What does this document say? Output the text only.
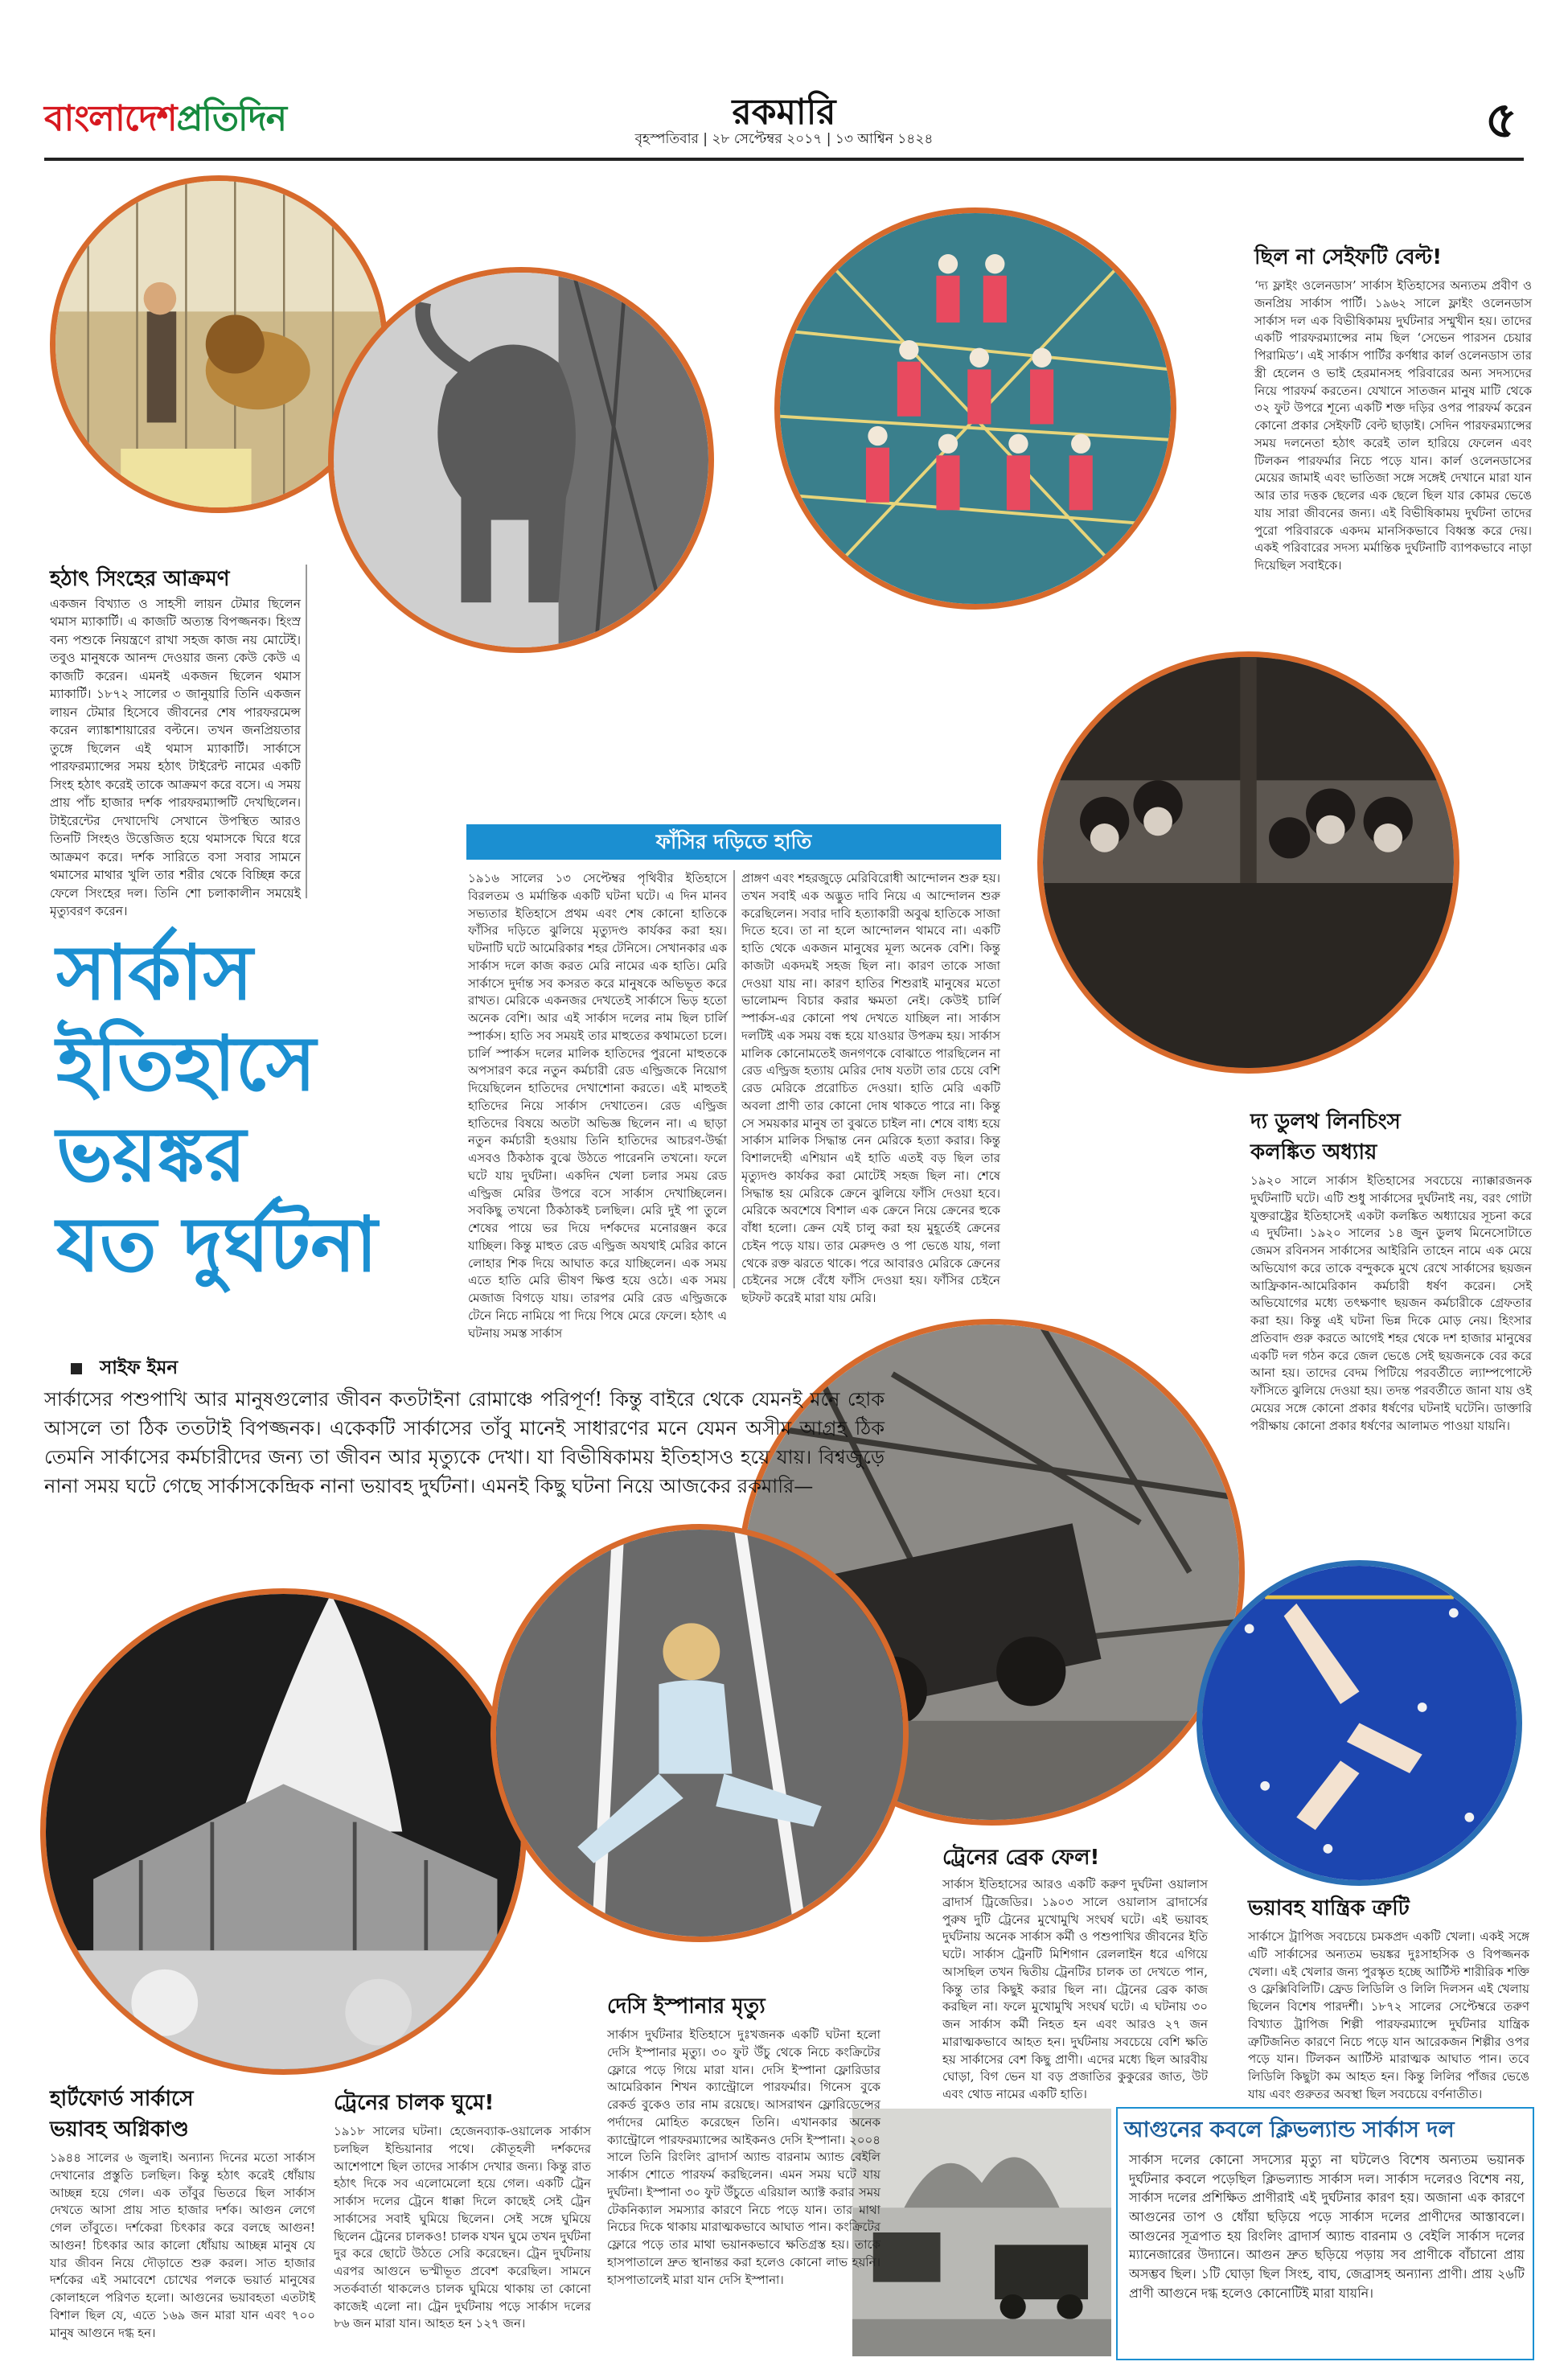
বাংলাদেশপ্রতিদিন	রকমারি
বৃহস্পতিবার | ২৮ সেপ্টেম্বর ২০১৭ | ১৩ আশ্বিন ১৪২৪	৫
হঠাৎ সিংহের আক্রমণ
একজন বিখ্যাত ও সাহসী লায়ন টেমার ছিলেন থমাস ম্যাকার্টি। এ কাজটি অত্যন্ত বিপজ্জনক। হিংস্র বন্য পশুকে নিয়ন্ত্রণে রাখা সহজ কাজ নয় মোটেই। তবুও মানুষকে আনন্দ দেওয়ার জন্য কেউ কেউ এ কাজটি করেন। এমনই একজন ছিলেন থমাস ম্যাকার্টি। ১৮৭২ সালের ৩ জানুয়ারি তিনি একজন লায়ন টেমার হিসেবে জীবনের শেষ পারফরমেন্স করেন ল্যাঙ্কাশায়ারের বল্টনে। তখন জনপ্রিয়তার তুঙ্গে ছিলেন এই থমাস ম্যাকার্টি। সার্কাসে পারফরম্যান্সের সময় হঠাৎ টাইরেন্ট নামের একটি সিংহ হঠাৎ করেই তাকে আক্রমণ করে বসে। এ সময় প্রায় পাঁচ হাজার দর্শক পারফরম্যান্সটি দেখছিলেন। টাইরেন্টের দেখাদেখি সেখানে উপস্থিত আরও তিনটি সিংহও উত্তেজিত হয়ে থমাসকে ঘিরে ধরে আক্রমণ করে। দর্শক সারিতে বসা সবার সামনে থমাসের মাথার খুলি তার শরীর থেকে বিচ্ছিন্ন করে ফেলে সিংহের দল। তিনি শো চলাকালীন সময়েই মৃত্যুবরণ করেন।
ছিল না সেইফটি বেল্ট!
‘দ্য ফ্লাইং ওলেনডাস’ সার্কাস ইতিহাসের অন্যতম প্রবীণ ও জনপ্রিয় সার্কাস পার্টি। ১৯৬২ সালে ফ্লাইং ওলেনডাস সার্কাস দল এক বিভীষিকাময় দুর্ঘটনার সম্মুখীন হয়। তাদের একটি পারফরম্যান্সের নাম ছিল ‘সেভেন পারসন চেয়ার পিরামিড’। এই সার্কাস পার্টির কর্ণধার কার্ল ওলেনডাস তার স্ত্রী হেলেন ও ভাই হেরমানসহ পরিবারের অন্য সদস্যদের নিয়ে পারফর্ম করতেন। যেখানে সাতজন মানুষ মাটি থেকে ৩২ ফুট উপরে শূন্যে একটি শক্ত দড়ির ওপর পারফর্ম করেন কোনো প্রকার সেইফটি বেল্ট ছাড়াই। সেদিন পারফরম্যান্সের সময় দলনেতা হঠাৎ করেই তাল হারিয়ে ফেলেন এবং টিলকন পারফর্মার নিচে পড়ে যান। কার্ল ওলেনডাসের মেয়ের জামাই এবং ভাতিজা সঙ্গে সঙ্গেই দেখানে মারা যান আর তার দত্তক ছেলের এক ছেলে ছিল যার কোমর ভেঙে যায় সারা জীবনের জন্য। এই বিভীষিকাময় দুর্ঘটনা তাদের পুরো পরিবারকে একদম মানসিকভাবে বিধ্বস্ত করে দেয়। একই পরিবারের সদস্য মর্মান্তিক দুর্ঘটনাটি ব্যাপকভাবে নাড়া দিয়েছিল সবাইকে।
সার্কাস
ইতিহাসে
ভয়ঙ্কর
যত দুর্ঘটনা
ফাঁসির দড়িতে হাতি
১৯১৬ সালের ১৩ সেপ্টেম্বর পৃথিবীর ইতিহাসে বিরলতম ও মর্মান্তিক একটি ঘটনা ঘটে। এ দিন মানব সভ্যতার ইতিহাসে প্রথম এবং শেষ কোনো হাতিকে ফাঁসির দড়িতে ঝুলিয়ে মৃত্যুদণ্ড কার্যকর করা হয়। ঘটনাটি ঘটে আমেরিকার শহর টেনিসে। সেখানকার এক সার্কাস দলে কাজ করত মেরি নামের এক হাতি। মেরি সার্কাসে দুর্দান্ত সব কসরত করে মানুষকে অভিভূত করে রাখত। মেরিকে একনজর দেখতেই সার্কাসে ভিড় হতো অনেক বেশি। আর এই সার্কাস দলের নাম ছিল চার্লি স্পার্কস। হাতি সব সময়ই তার মাহুতের কথামতো চলে। চার্লি স্পার্কস দলের মালিক হাতিদের পুরনো মাহুতকে অপসারণ করে নতুন কর্মচারী রেড এল্ড্রিজকে নিয়োগ দিয়েছিলেন হাতিদের দেখাশোনা করতে। এই মাহুতই হাতিদের নিয়ে সার্কাস দেখাতেন। রেড এল্ড্রিজ হাতিদের বিষয়ে অতটা অভিজ্ঞ ছিলেন না। এ ছাড়া নতুন কর্মচারী হওয়ায় তিনি হাতিদের আচরণ-উৰ্দ্ধা এসবও ঠিকঠাক বুঝে উঠতে পারেননি তখনো। ফলে ঘটে যায় দুর্ঘটনা। একদিন খেলা চলার সময় রেড এল্ড্রিজ মেরির উপরে বসে সার্কাস দেখাচ্ছিলেন। সবকিছু তখনো ঠিকঠাকই চলছিল। মেরি দুই পা তুলে শেষের পায়ে ভর দিয়ে দর্শকদের মনোরঞ্জন করে যাচ্ছিল। কিন্তু মাহুত রেড এল্ড্রিজ অযথাই মেরির কানে লোহার শিক দিয়ে আঘাত করে যাচ্ছিলেন। এক সময় এতে হাতি মেরি ভীষণ ক্ষিপ্ত হয়ে ওঠে। এক সময় মেজাজ বিগড়ে যায়। তারপর মেরি রেড এল্ড্রিজকে টেনে নিচে নামিয়ে পা দিয়ে পিষে মেরে ফেলে। হঠাৎ এ ঘটনায় সমস্ত সার্কাস
প্রাঙ্গণ এবং শহরজুড়ে মেরিবিরোধী আন্দোলন শুরু হয়। তখন সবাই এক অদ্ভুত দাবি নিয়ে এ আন্দোলন শুরু করেছিলেন। সবার দাবি হত্যাকারী অবুঝ হাতিকে সাজা দিতে হবে। তা না হলে আন্দোলন থামবে না। একটি হাতি থেকে একজন মানুষের মূল্য অনেক বেশি। কিন্তু কাজটা একদমই সহজ ছিল না। কারণ তাকে সাজা দেওয়া যায় না। কারণ হাতির শিশুরাই মানুষের মতো ভালোমন্দ বিচার করার ক্ষমতা নেই। কেউই চার্লি স্পার্কস-এর কোনো পথ দেখতে যাচ্ছিল না। সার্কাস দলটিই এক সময় বন্ধ হয়ে যাওয়ার উপক্রম হয়। সার্কাস মালিক কোনোমতেই জনগণকে বোঝাতে পারছিলেন না রেড এল্ড্রিজ হত্যায় মেরির দোষ যতটা তার চেয়ে বেশি রেড মেরিকে প্ররোচিত দেওয়া। হাতি মেরি একটি অবলা প্রাণী তার কোনো দোষ থাকতে পারে না। কিন্তু সে সময়কার মানুষ তা বুঝতে চাইল না। শেষে বাধ্য হয়ে সার্কাস মালিক সিদ্ধান্ত নেন মেরিকে হত্যা করার। কিন্তু বিশালদেহী এশিয়ান এই হাতি এতই বড় ছিল তার মৃত্যুদণ্ড কার্যকর করা মোটেই সহজ ছিল না। শেষে সিদ্ধান্ত হয় মেরিকে ক্রেনে ঝুলিয়ে ফাঁসি দেওয়া হবে। মেরিকে অবশেষে বিশাল এক ক্রেনে নিয়ে ক্রেনের হুকে বাঁধা হলো। ক্রেন যেই চালু করা হয় মুহূর্তেই ক্রেনের চেইন পড়ে যায়। তার মেরুদণ্ড ও পা ভেঙে যায়, গলা থেকে রক্ত ঝরতে থাকে। পরে আবারও মেরিকে ক্রেনের চেইনের সঙ্গে বেঁধে ফাঁসি দেওয়া হয়। ফাঁসির চেইনে ছটফট করেই মারা যায় মেরি।
দ্য ডুলথ লিনচিংস
কলঙ্কিত অধ্যায়
১৯২০ সালে সার্কাস ইতিহাসের সবচেয়ে ন্যাক্কারজনক দুর্ঘটনাটি ঘটে। এটি শুধু সার্কাসের দুর্ঘটনাই নয়, বরং গোটা যুক্তরাষ্ট্রের ইতিহাসেই একটা কলঙ্কিত অধ্যায়ের সূচনা করে এ দুর্ঘটনা। ১৯২০ সালের ১৪ জুন ডুলথ মিনেসোটাতে জেমস রবিনসন সার্কাসের আইরিনি তাহেন নামে এক মেয়ে অভিযোগ করে তাকে বন্দুককে মুখে রেখে সার্কাসের ছয়জন আফ্রিকান-আমেরিকান কর্মচারী ধর্ষণ করেন। সেই অভিযোগের মধ্যে তৎক্ষণাৎ ছয়জন কর্মচারীকে গ্রেফতার করা হয়। কিন্তু এই ঘটনা ভিন্ন দিকে মোড় নেয়। হিংসার প্রতিবাদ গুরু করতে আগেই শহর থেকে দশ হাজার মানুষের একটি দল গঠন করে জেল ভেঙে সেই ছয়জনকে বের করে আনা হয়। তাদের বেদম পিটিয়ে পরবর্তীতে ল্যাম্পপোস্টে ফাঁসিতে ঝুলিয়ে দেওয়া হয়। তদন্ত পরবর্তীতে জানা যায় ওই মেয়ের সঙ্গে কোনো প্রকার ধর্ষণের ঘটনাই ঘটেনি। ডাক্তারি পরীক্ষায় কোনো প্রকার ধর্ষণের আলামত পাওয়া যায়নি।
সাইফ ইমন
সার্কাসের পশুপাখি আর মানুষগুলোর জীবন কতটাইনা রোমাঞ্চে পরিপূর্ণ! কিন্তু বাইরে থেকে যেমনই মনে হোক আসলে তা ঠিক ততটাই বিপজ্জনক। একেকটি সার্কাসের তাঁবু মানেই সাধারণের মনে যেমন অসীম আগ্রহ ঠিক তেমনি সার্কাসের কর্মচারীদের জন্য তা জীবন আর মৃত্যুকে দেখা। যা বিভীষিকাময় ইতিহাসও হয়ে যায়। বিশ্বজুড়ে নানা সময় ঘটে গেছে সার্কাসকেন্দ্রিক নানা ভয়াবহ দুর্ঘটনা। এমনই কিছু ঘটনা নিয়ে আজকের রকমারি—
ট্রেনের ব্রেক ফেল!
সার্কাস ইতিহাসের আরও একটি করুণ দুর্ঘটনা ওয়ালাস ব্রাদার্স ট্রিজেডির। ১৯০৩ সালে ওয়ালাস ব্রাদার্সের পুরুষ দুটি ট্রেনের মুখোমুখি সংঘর্ষ ঘটে। এই ভয়াবহ দুর্ঘটনায় অনেক সার্কাস কর্মী ও পশুপাখির জীবনের ইতি ঘটে। সার্কাস ট্রেনটি মিশিগান রেললাইন ধরে এগিয়ে আসছিল তখন দ্বিতীয় ট্রেনটির চালক তা দেখতে পান, কিন্তু তার কিছুই করার ছিল না। ট্রেনের ব্রেক কাজ করছিল না। ফলে মুখোমুখি সংঘর্ষ ঘটে। এ ঘটনায় ৩০ জন সার্কাস কর্মী নিহত হন এবং আরও ২৭ জন মারাত্মকভাবে আহত হন। দুর্ঘটনায় সবচেয়ে বেশি ক্ষতি হয় সার্কাসের বেশ কিছু প্রাণী। এদের মধ্যে ছিল আরবীয় ঘোড়া, বিগ ভেন যা বড় প্রজাতির কুকুরের জাত, উট এবং থোড নামের একটি হাতি।
ভয়াবহ যান্ত্রিক ত্রুটি
সার্কাসে ট্রাপিজ সবচেয়ে চমকপ্রদ একটি খেলা। একই সঙ্গে এটি সার্কাসের অন্যতম ভয়ঙ্কর দুঃসাহসিক ও বিপজ্জনক খেলা। এই খেলার জন্য পুরস্কৃত হচ্ছে আর্টিস্ট শারীরিক শক্তি ও ফ্লেক্সিবিলিটি। ফ্রেড লিডিলি ও লিলি দিলসন এই খেলায় ছিলেন বিশেষ পারদর্শী। ১৮৭২ সালের সেপ্টেম্বরে তরুণ বিখ্যাত ট্রাপিজ শিল্পী পারফরম্যান্সে দুর্ঘটনার যান্ত্রিক ত্রুটিজনিত কারণে নিচে পড়ে যান আরেকজন শিল্পীর ওপর পড়ে যান। টিলকন আর্টিস্ট মারাত্মক আঘাত পান। তবে লিডিলি কিছুটা কম আহত হন। কিন্তু লিলির পাঁজর ভেঙে যায় এবং গুরুতর অবস্থা ছিল সবচেয়ে বর্ণনাতীত।
দেসি ইস্পানার মৃত্যু
সার্কাস দুর্ঘটনার ইতিহাসে দুঃখজনক একটি ঘটনা হলো দেসি ইস্পানার মৃত্যু। ৩০ ফুট উঁচু থেকে নিচে কংক্রিটের ফ্লোরে পড়ে গিয়ে মারা যান। দেসি ইস্পানা ফ্লোরিডার আমেরিকান শিখন ক্যান্ট্রোলে পারফর্মার। গিনেস বুকে রেকর্ড বুকেও তার নাম রয়েছে। আসরাথন ফ্লোরিডেন্সের পর্দাদের মোহিত করেছেন তিনি। এখানকার অনেক ক্যান্ট্রোলে পারফরম্যান্সের আইকনও দেসি ইস্পানা। ২০০৪ সালে তিনি রিংলিং ব্রাদার্স অ্যান্ড বারনাম অ্যান্ড বেইলি সার্কাস শোতে পারফর্ম করছিলেন। এমন সময় ঘটে যায় দুর্ঘটনা। ইস্পানা ৩০ ফুট উঁচুতে এরিয়াল অ্যাক্ট করার সময় টেকনিক্যাল সমস্যার কারণে নিচে পড়ে যান। তার মাথা নিচের দিকে থাকায় মারাত্মকভাবে আঘাত পান। কংক্রিটের ফ্লোরে পড়ে তার মাথা ভয়ানকভাবে ক্ষতিগ্রস্ত হয়। তাকে হাসপাতালে দ্রুত স্থানান্তর করা হলেও কোনো লাভ হয়নি। হাসপাতালেই মারা যান দেসি ইস্পানা।
ট্রেনের চালক ঘুমে!
১৯১৮ সালের ঘটনা। হেজেনব্যাক-ওয়ালেক সার্কাস চলছিল ইন্ডিয়ানার পথে। কৌতূহলী দর্শকদের আশেপাশে ছিল তাদের সার্কাস দেখার জন্য। কিন্তু রাত হঠাৎ দিকে সব এলোমেলো হয়ে গেল। একটি ট্রেন সার্কাস দলের ট্রেনে ধাক্কা দিলে কাছেই সেই ট্রেন সার্কাসের সবাই ঘুমিয়ে ছিলেন। সেই সঙ্গে ঘুমিয়ে ছিলেন ট্রেনের চালকও! চালক যখন ঘুমে তখন দুর্ঘটনা দুর করে ছোটে উঠতে সেরি করেছেন। ট্রেন দুর্ঘটনায় এরপর আগুনে ভস্মীভূত প্রবেশ করেছিল। সামনে সতর্কবার্তা থাকলেও চালক ঘুমিয়ে থাকায় তা কোনো কাজেই এলো না। ট্রেন দুর্ঘটনায় পড়ে সার্কাস দলের ৮৬ জন মারা যান। আহত হন ১২৭ জন।
হার্টফোর্ড সার্কাসে
ভয়াবহ অগ্নিকাণ্ড
১৯৪৪ সালের ৬ জুলাই। অন্যান্য দিনের মতো সার্কাস দেখানোর প্রস্তুতি চলছিল। কিন্তু হঠাৎ করেই ধোঁয়ায় আচ্ছন্ন হয়ে গেল। এক তাঁবুর ভিতরে ছিল সার্কাস দেখতে আসা প্রায় সাত হাজার দর্শক। আগুন লেগে গেল তাঁবুতে। দর্শকেরা চিৎকার করে বলছে আগুন! আগুন! চিৎকার আর কালো ধোঁয়ায় আচ্ছন্ন মানুষ যে যার জীবন নিয়ে দৌড়াতে শুরু করল। সাত হাজার দর্শকের এই সমাবেশে চোখের পলকে ভয়ার্ত মানুষের কোলাহলে পরিণত হলো। আগুনের ভয়াবহতা এতটাই বিশাল ছিল যে, এতে ১৬৯ জন মারা যান এবং ৭০০ মানুষ আগুনে দগ্ধ হন।
আগুনের কবলে ক্লিভল্যান্ড সার্কাস দল
সার্কাস দলের কোনো সদস্যের মৃত্যু না ঘটলেও বিশেষ অন্যতম ভয়ানক দুর্ঘটনার কবলে পড়েছিল ক্লিভল্যান্ড সার্কাস দল। সার্কাস দলেরও বিশেষ নয়, সার্কাস দলের প্রশিক্ষিত প্রাণীরাই এই দুর্ঘটনার কারণ হয়। অজানা এক কারণে আগুনের তাপ ও ধোঁয়া ছড়িয়ে পড়ে সার্কাস দলের প্রাণীদের আস্তাবলে। আগুনের সূত্রপাত হয় রিংলিং ব্রাদার্স অ্যান্ড বারনাম ও বেইলি সার্কাস দলের ম্যানেজারের উদ্যানে। আগুন দ্রুত ছড়িয়ে পড়ায় সব প্রাণীকে বাঁচানো প্রায় অসম্ভব ছিল। ১টি ঘোড়া ছিল সিংহ, বাঘ, জেব্রাসহ অন্যান্য প্রাণী। প্রায় ২৬টি প্রাণী আগুনে দগ্ধ হলেও কোনোটিই মারা যায়নি।
